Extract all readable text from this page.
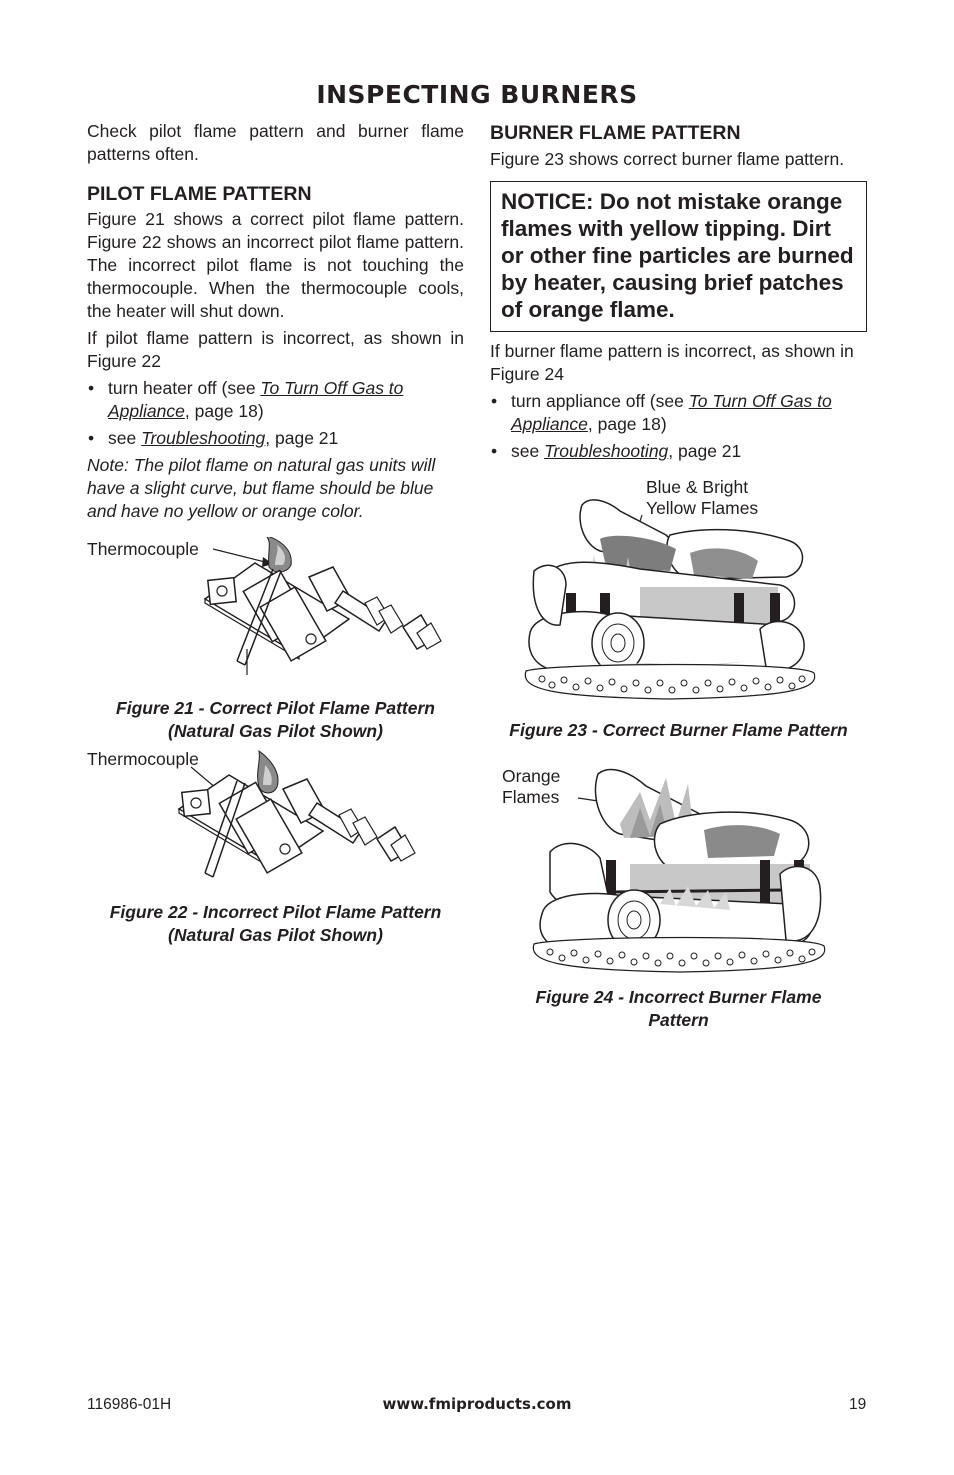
INSPECTING BURNERS

Check pilot flame pattern and burner flame patterns often.

PILOT FLAME PATTERN

Figure 21 shows a correct pilot flame pattern. Figure 22 shows an incorrect pilot flame pattern. The incorrect pilot flame is not touching the thermocouple. When the thermocouple cools, the heater will shut down.

If pilot flame pattern is incorrect, as shown in Figure 22

• turn heater off (see To Turn Off Gas to Appliance, page 18)
• see Troubleshooting, page 21

Note: The pilot flame on natural gas units will have a slight curve, but flame should be blue and have no yellow or orange color.

Thermocouple
Figure 21 - Correct Pilot Flame Pattern
(Natural Gas Pilot Shown)
Thermocouple
Figure 22 - Incorrect Pilot Flame Pattern
(Natural Gas Pilot Shown)
BURNER FLAME PATTERN

Figure 23 shows correct burner flame pattern.

NOTICE: Do not mistake orange flames with yellow tipping. Dirt or other fine particles are burned by heater, causing brief patches of orange flame.

If burner flame pattern is incorrect, as shown in Figure 24

• turn appliance off (see To Turn Off Gas to Appliance, page 18)
• see Troubleshooting, page 21
Blue & Bright
Yellow Flames
Figure 23 - Correct Burner Flame Pattern
Orange
Flames
Figure 24 - Incorrect Burner Flame Pattern
116986-01H	www.fmiproducts.com	19
